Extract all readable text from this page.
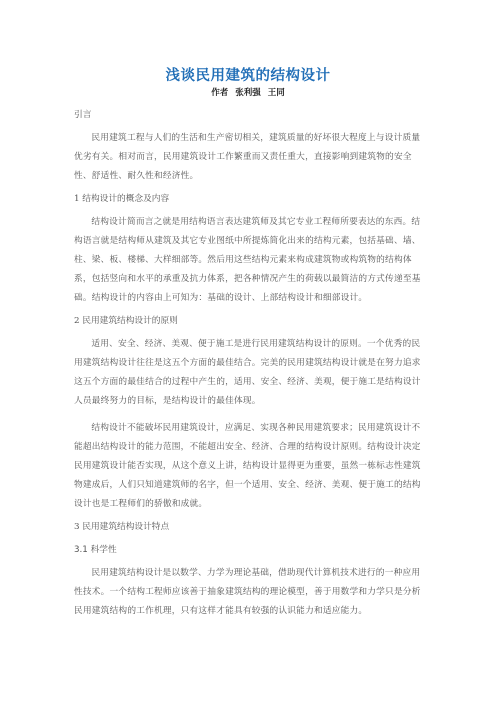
浅谈民用建筑的结构设计
作者 张利强 王同

引言

民用建筑工程与人们的生活和生产密切相关，建筑质量的好坏很大程度上与设计质量优劣有关。相对而言，民用建筑设计工作繁重而又责任重大，直接影响到建筑物的安全性、舒适性、耐久性和经济性。

1 结构设计的概念及内容

结构设计简而言之就是用结构语言表达建筑师及其它专业工程师所要表达的东西。结构语言就是结构师从建筑及其它专业图纸中所提炼简化出来的结构元素，包括基础、墙、柱、梁、板、楼梯、大样细部等。然后用这些结构元素来构成建筑物或构筑物的结构体系，包括竖向和水平的承重及抗力体系，把各种情况产生的荷载以最简洁的方式传递至基础。结构设计的内容由上可知为：基础的设计、上部结构设计和细部设计。

2 民用建筑结构设计的原则

适用、安全、经济、美观、便于施工是进行民用建筑结构设计的原则。一个优秀的民用建筑结构设计往往是这五个方面的最佳结合。完美的民用建筑结构设计就是在努力追求这五个方面的最佳结合的过程中产生的，适用、安全、经济、美观，便于施工是结构设计人员最终努力的目标，是结构设计的最佳体现。

结构设计不能破坏民用建筑设计，应满足、实现各种民用建筑要求；民用建筑设计不能超出结构设计的能力范围，不能超出安全、经济、合理的结构设计原则。结构设计决定民用建筑设计能否实现，从这个意义上讲，结构设计显得更为重要，虽然一栋标志性建筑物建成后，人们只知道建筑师的名字，但一个适用、安全、经济、美观、便于施工的结构设计也是工程师们的骄傲和成就。

3 民用建筑结构设计特点

3.1 科学性

民用建筑结构设计是以数学、力学为理论基础，借助现代计算机技术进行的一种应用性技术。一个结构工程师应该善于抽象建筑结构的理论模型，善于用数学和力学只是分析民用建筑结构的工作机理，只有这样才能具有较强的认识能力和适应能力。
